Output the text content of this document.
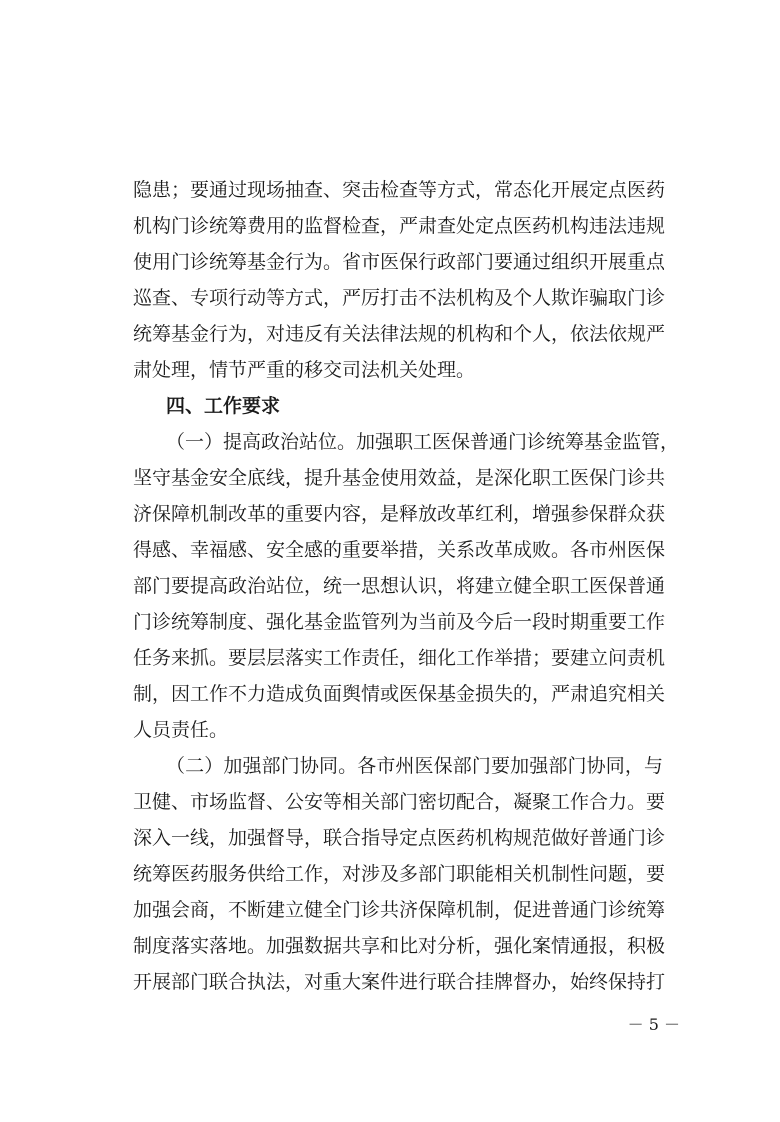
隐患；要通过现场抽查、突击检查等方式，常态化开展定点医药
机构门诊统筹费用的监督检查，严肃查处定点医药机构违法违规
使用门诊统筹基金行为。省市医保行政部门要通过组织开展重点
巡查、专项行动等方式，严厉打击不法机构及个人欺诈骗取门诊
统筹基金行为，对违反有关法律法规的机构和个人，依法依规严
肃处理，情节严重的移交司法机关处理。
四、工作要求
（一）提高政治站位。加强职工医保普通门诊统筹基金监管，
坚守基金安全底线，提升基金使用效益，是深化职工医保门诊共
济保障机制改革的重要内容，是释放改革红利，增强参保群众获
得感、幸福感、安全感的重要举措，关系改革成败。各市州医保
部门要提高政治站位，统一思想认识，将建立健全职工医保普通
门诊统筹制度、强化基金监管列为当前及今后一段时期重要工作
任务来抓。要层层落实工作责任，细化工作举措；要建立问责机
制，因工作不力造成负面舆情或医保基金损失的，严肃追究相关
人员责任。
（二）加强部门协同。各市州医保部门要加强部门协同，与
卫健、市场监督、公安等相关部门密切配合，凝聚工作合力。要
深入一线，加强督导，联合指导定点医药机构规范做好普通门诊
统筹医药服务供给工作，对涉及多部门职能相关机制性问题，要
加强会商，不断建立健全门诊共济保障机制，促进普通门诊统筹
制度落实落地。加强数据共享和比对分析，强化案情通报，积极
开展部门联合执法，对重大案件进行联合挂牌督办，始终保持打
－ 5 －
